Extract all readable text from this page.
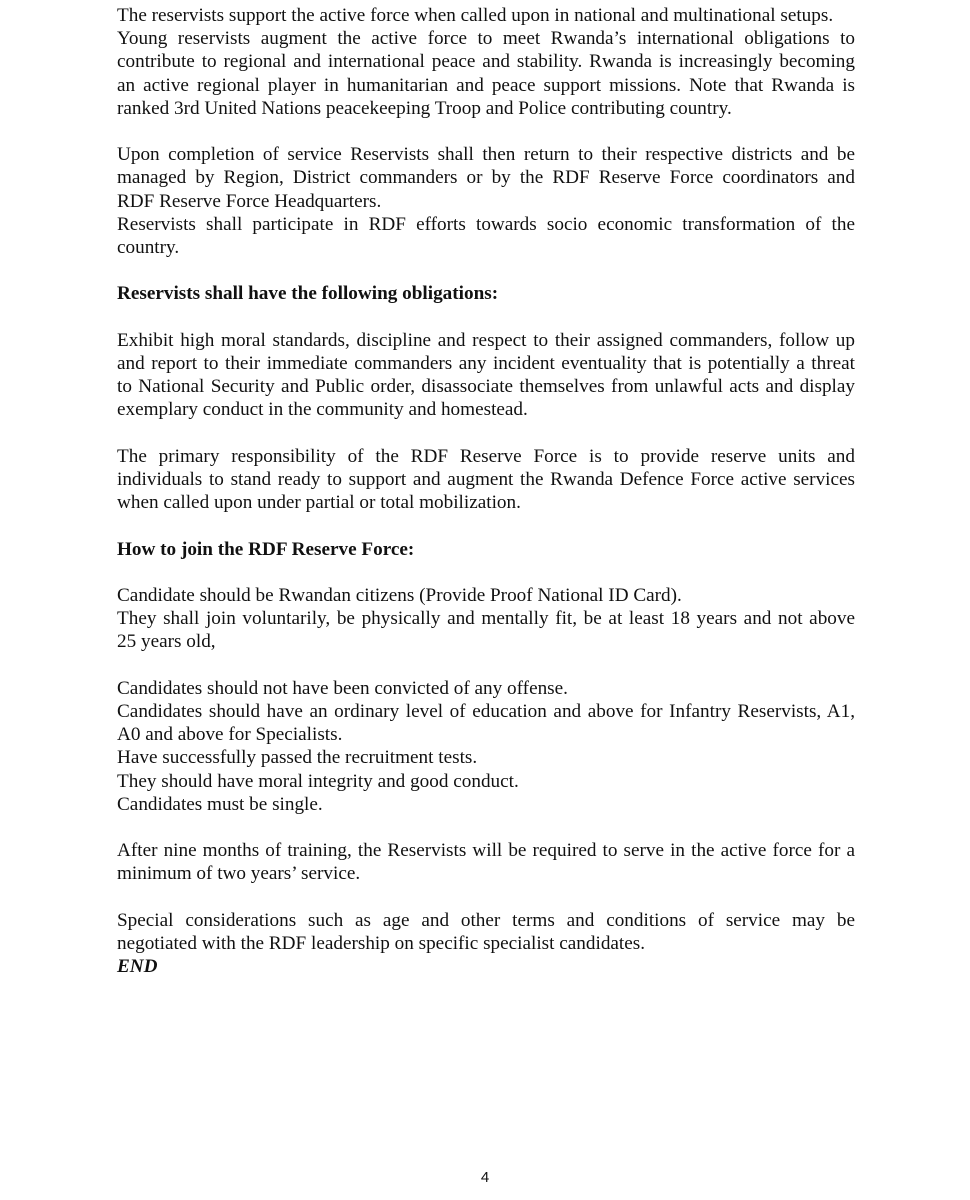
The reservists support the active force when called upon in national and multinational setups.
Young reservists augment the active force to meet Rwanda’s international obligations to
contribute to regional and international peace and stability. Rwanda is increasingly becoming
an active regional player in humanitarian and peace support missions. Note that Rwanda is
ranked 3rd United Nations peacekeeping Troop and Police contributing country.
Upon completion of service Reservists shall then return to their respective districts and be
managed by Region, District commanders or by the RDF Reserve Force coordinators and
RDF Reserve Force Headquarters.
Reservists shall participate in RDF efforts towards socio economic transformation of the
country.
Reservists shall have the following obligations:
Exhibit high moral standards, discipline and respect to their assigned commanders, follow up
and report to their immediate commanders any incident eventuality that is potentially a threat
to National Security and Public order, disassociate themselves from unlawful acts and display
exemplary conduct in the community and homestead.
The primary responsibility of the RDF Reserve Force is to provide reserve units and
individuals to stand ready to support and augment the Rwanda Defence Force active services
when called upon under partial or total mobilization.
How to join the RDF Reserve Force:
Candidate should be Rwandan citizens (Provide Proof National ID Card).
They shall join voluntarily, be physically and mentally fit, be at least 18 years and not above
25 years old,
Candidates should not have been convicted of any offense.
Candidates should have an ordinary level of education and above for Infantry Reservists, A1,
A0 and above for Specialists.
Have successfully passed the recruitment tests.
They should have moral integrity and good conduct.
Candidates must be single.
After nine months of training, the Reservists will be required to serve in the active force for a
minimum of two years’ service.
Special considerations such as age and other terms and conditions of service may be
negotiated with the RDF leadership on specific specialist candidates.
END
4
